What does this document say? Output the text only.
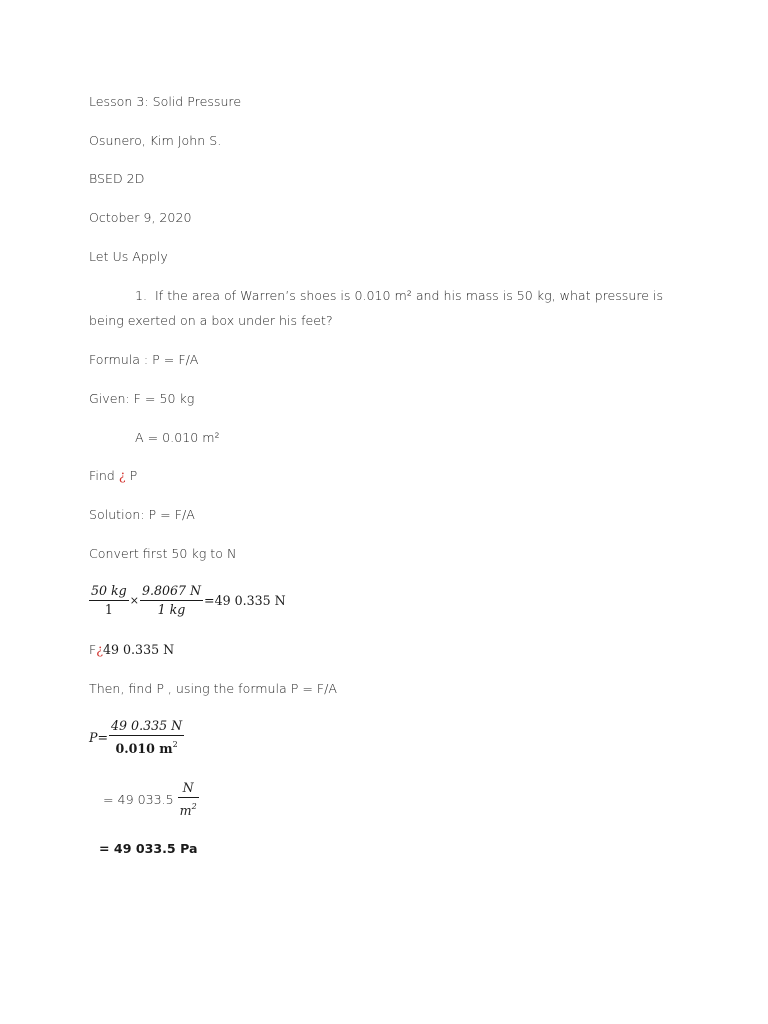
Lesson 3: Solid Pressure
Osunero, Kim John S.
BSED 2D
October 9, 2020
Let Us Apply
1. If the area of Warren’s shoes is 0.010 m² and his mass is 50 kg, what pressure is
being exerted on a box under his feet?
Formula : P = F/A
Given: F = 50 kg
A = 0.010 m²
Find ¿ P
Solution: P = F/A
Convert first 50 kg to N
$\frac{50 kg}{1} \times \frac{9.8067 N}{1 kg} =49$ 0.335 N
F¿49 0.335 N
Then, find P , using the formula P = F/A
$P= \frac{49 0.335 N}{0.010 m^2}$
= 49 $033.5 \frac{N}{m^2}$
= 49 033.5 Pa
